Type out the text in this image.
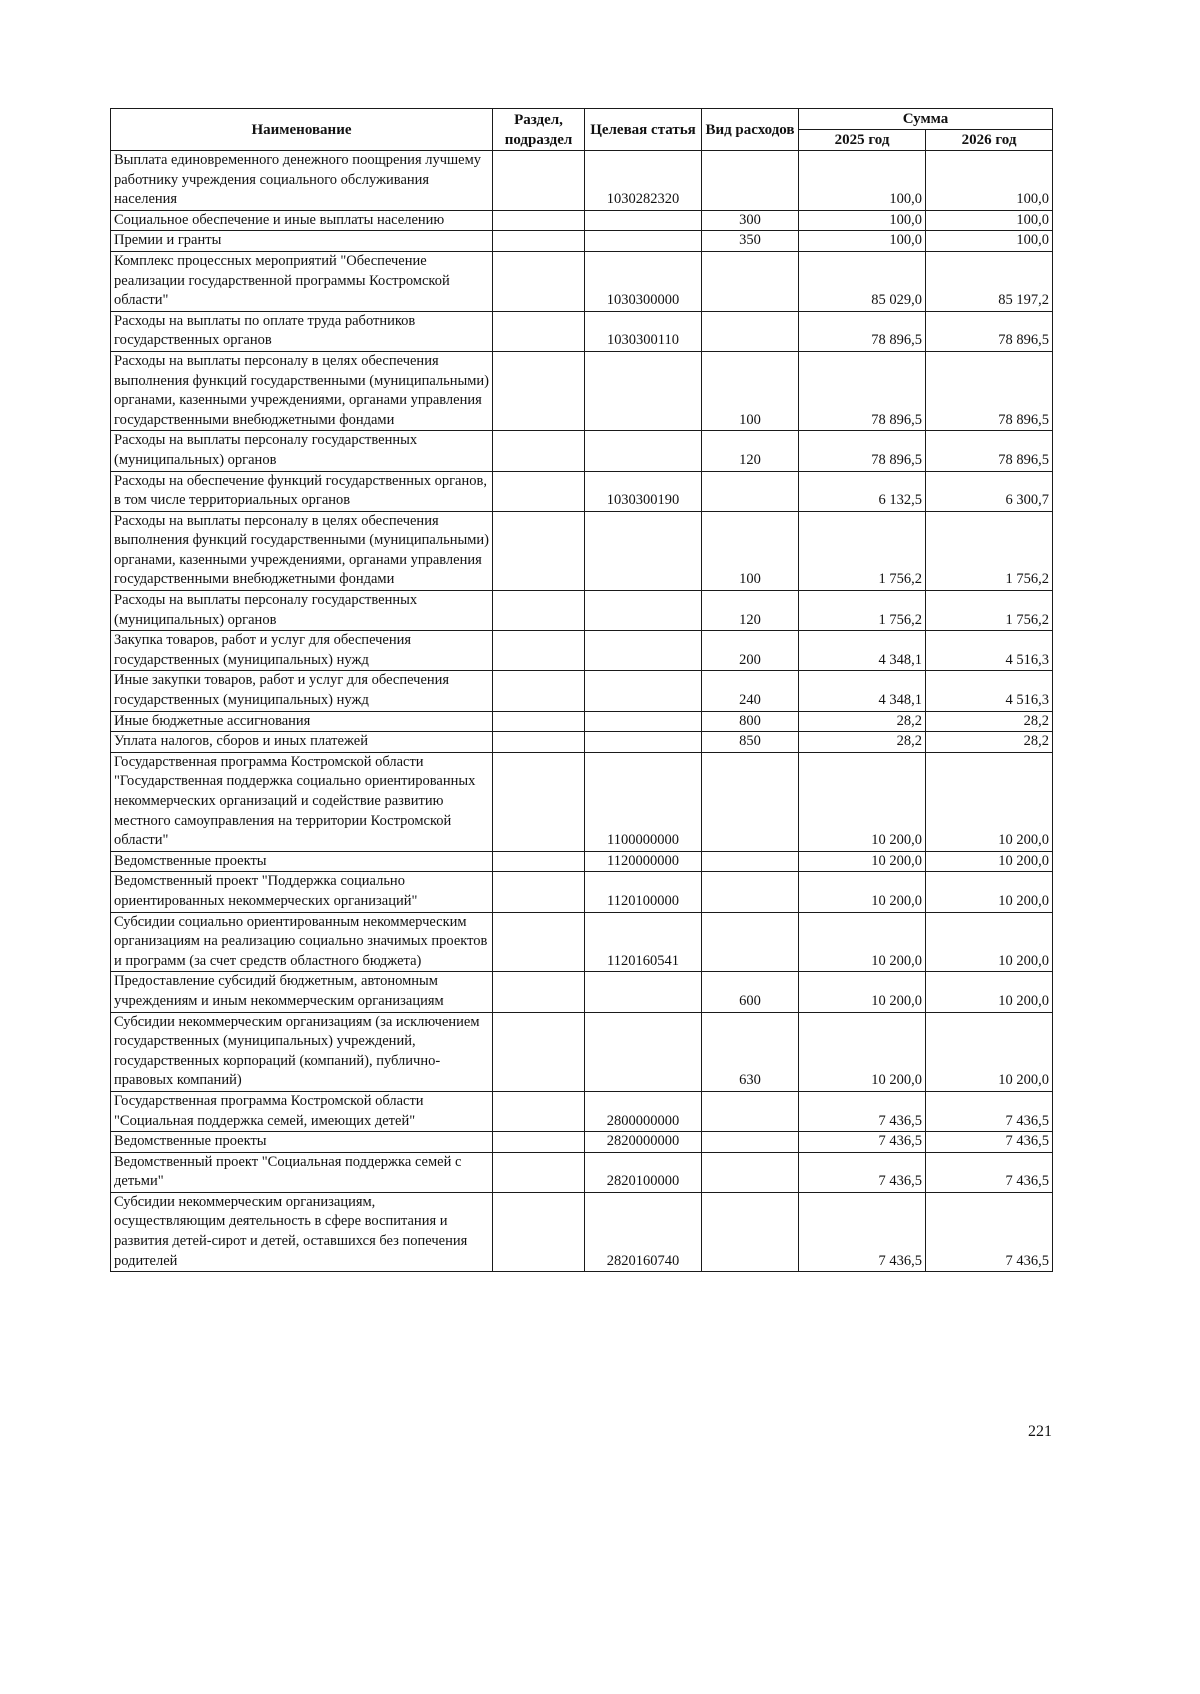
Наименование	Раздел, подраздел	Целевая статья	Вид расходов	Сумма	
				2025 год	2026 год
Выплата единовременного денежного поощрения лучшему работнику учреждения социального обслуживания населения		1030282320		100,0	100,0
Социальное обеспечение и иные выплаты населению			300	100,0	100,0
Премии и гранты			350	100,0	100,0
Комплекс процессных мероприятий "Обеспечение реализации государственной программы Костромской области"		1030300000		85 029,0	85 197,2
Расходы на выплаты по оплате труда работников государственных органов		1030300110		78 896,5	78 896,5
Расходы на выплаты персоналу в целях обеспечения выполнения функций государственными (муниципальными) органами, казенными учреждениями, органами управления государственными внебюджетными фондами			100	78 896,5	78 896,5
Расходы на выплаты персоналу государственных (муниципальных) органов			120	78 896,5	78 896,5
Расходы на обеспечение функций государственных органов, в том числе территориальных органов		1030300190		6 132,5	6 300,7
Расходы на выплаты персоналу в целях обеспечения выполнения функций государственными (муниципальными) органами, казенными учреждениями, органами управления государственными внебюджетными фондами			100	1 756,2	1 756,2
Расходы на выплаты персоналу государственных (муниципальных) органов			120	1 756,2	1 756,2
Закупка товаров, работ и услуг для обеспечения государственных (муниципальных) нужд			200	4 348,1	4 516,3
Иные закупки товаров, работ и услуг для обеспечения государственных (муниципальных) нужд			240	4 348,1	4 516,3
Иные бюджетные ассигнования			800	28,2	28,2
Уплата налогов, сборов и иных платежей			850	28,2	28,2
Государственная программа Костромской области "Государственная поддержка социально ориентированных некоммерческих организаций и содействие развитию местного самоуправления на территории Костромской области"		1100000000		10 200,0	10 200,0
Ведомственные проекты		1120000000		10 200,0	10 200,0
Ведомственный проект "Поддержка социально ориентированных некоммерческих организаций"		1120100000		10 200,0	10 200,0
Субсидии социально ориентированным некоммерческим организациям на реализацию социально значимых проектов и программ (за счет средств областного бюджета)		1120160541		10 200,0	10 200,0
Предоставление субсидий бюджетным, автономным учреждениям и иным некоммерческим организациям			600	10 200,0	10 200,0
Субсидии некоммерческим организациям (за исключением государственных (муниципальных) учреждений, государственных корпораций (компаний), публично-правовых компаний)			630	10 200,0	10 200,0
Государственная программа Костромской области "Социальная поддержка семей, имеющих детей"		2800000000		7 436,5	7 436,5
Ведомственные проекты		2820000000		7 436,5	7 436,5
Ведомственный проект "Социальная поддержка семей с детьми"		2820100000		7 436,5	7 436,5
Субсидии некоммерческим организациям, осуществляющим деятельность в сфере воспитания и развития детей-сирот и детей, оставшихся без попечения родителей		2820160740		7 436,5	7 436,5
221
